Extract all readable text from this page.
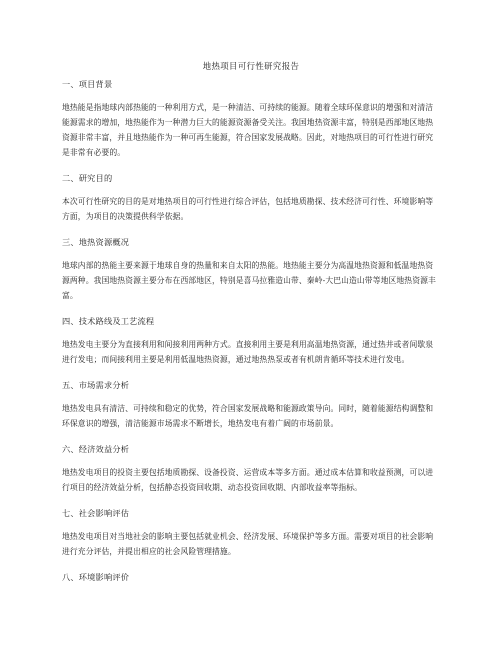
地热项目可行性研究报告
一、项目背景
地热能是指地球内部热能的一种利用方式，是一种清洁、可持续的能源。随着全球环保意识的增强和对清洁能源需求的增加，地热能作为一种潜力巨大的能源资源备受关注。我国地热资源丰富，特别是西部地区地热资源非常丰富，并且地热能作为一种可再生能源，符合国家发展战略。因此，对地热项目的可行性进行研究是非常有必要的。
二、研究目的
本次可行性研究的目的是对地热项目的可行性进行综合评估，包括地质勘探、技术经济可行性、环境影响等方面，为项目的决策提供科学依据。
三、地热资源概况
地球内部的热能主要来源于地球自身的热量和来自太阳的热能。地热能主要分为高温地热资源和低温地热资源两种。我国地热资源主要分布在西部地区，特别是喜马拉雅造山带、秦岭-大巴山造山带等地区地热资源丰富。
四、技术路线及工艺流程
地热发电主要分为直接利用和间接利用两种方式。直接利用主要是利用高温地热资源，通过热井或者间歇泉进行发电；而间接利用主要是利用低温地热资源，通过地热热泵或者有机朗肯循环等技术进行发电。
五、市场需求分析
地热发电具有清洁、可持续和稳定的优势，符合国家发展战略和能源政策导向。同时，随着能源结构调整和环保意识的增强，清洁能源市场需求不断增长，地热发电有着广阔的市场前景。
六、经济效益分析
地热发电项目的投资主要包括地质勘探、设备投资、运营成本等多方面。通过成本估算和收益预测，可以进行项目的经济效益分析，包括静态投资回收期、动态投资回收期、内部收益率等指标。
七、社会影响评估
地热发电项目对当地社会的影响主要包括就业机会、经济发展、环境保护等多方面。需要对项目的社会影响进行充分评估，并提出相应的社会风险管理措施。
八、环境影响评价
